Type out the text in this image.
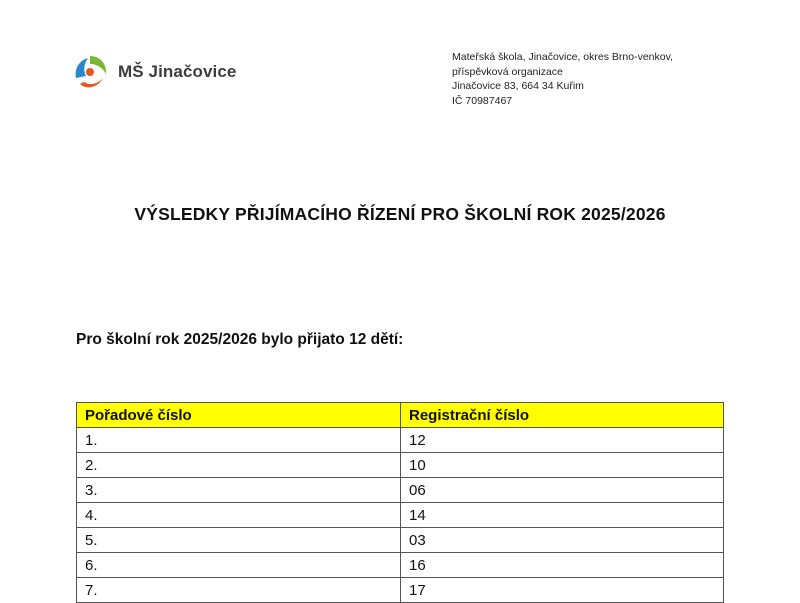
MŠ Jinačovice
Mateřská škola, Jinačovice, okres Brno-venkov,
příspěvková organizace
Jinačovice 83, 664 34 Kuřim
IČ 70987467
VÝSLEDKY PŘIJÍMACÍHO ŘÍZENÍ PRO ŠKOLNÍ ROK 2025/2026
Pro školní rok 2025/2026 bylo přijato 12 dětí:
Pořadové číslo	Registrační číslo
1.	12
2.	10
3.	06
4.	14
5.	03
6.	16
7.	17
